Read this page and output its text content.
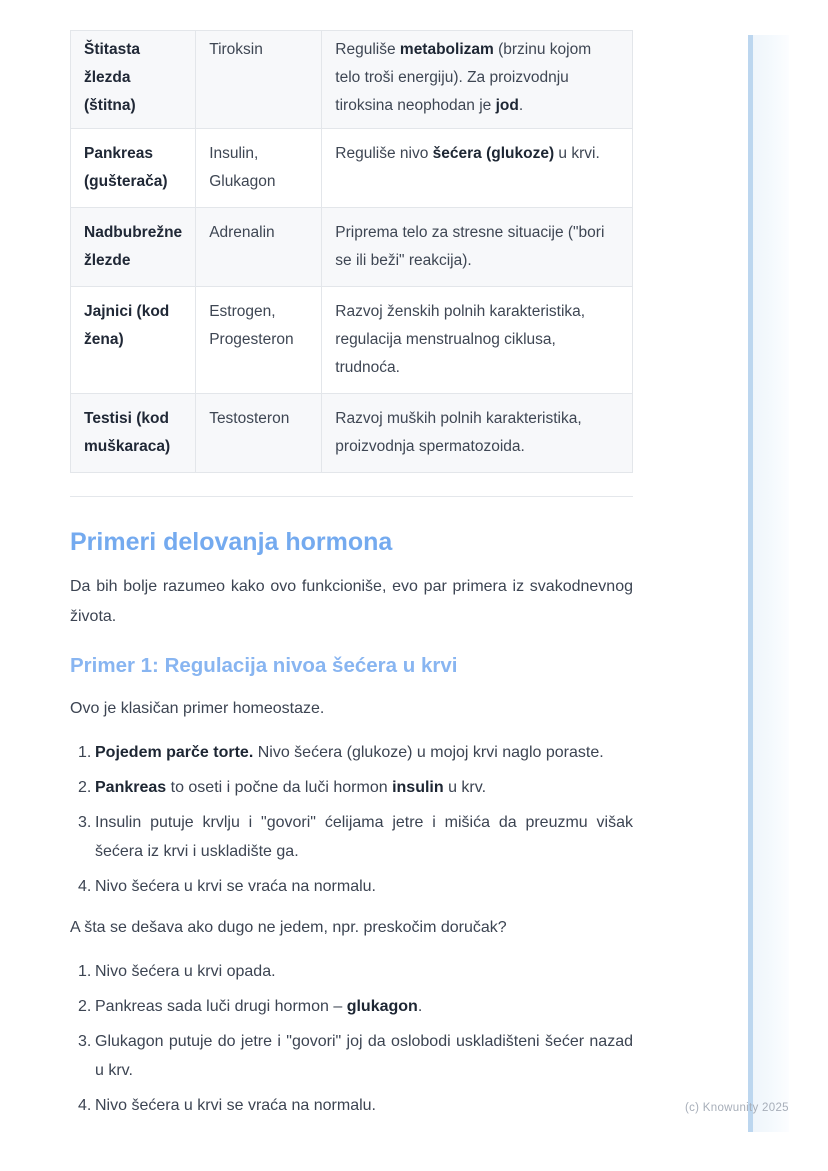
Štitasta žlezda (štitna)	Tiroksin	Reguliše metabolizam (brzinu kojom telo troši energiju). Za proizvodnju tiroksina neophodan je jod.
Pankreas (gušterača)	Insulin, Glukagon	Reguliše nivo šećera (glukoze) u krvi.
Nadbubrežne žlezde	Adrenalin	Priprema telo za stresne situacije ("bori se ili beži" reakcija).
Jajnici (kod žena)	Estrogen, Progesteron	Razvoj ženskih polnih karakteristika, regulacija menstrualnog ciklusa, trudnoća.
Testisi (kod muškaraca)	Testosteron	Razvoj muških polnih karakteristika, proizvodnja spermatozoida.
Primeri delovanja hormona

Da bih bolje razumeo kako ovo funkcioniše, evo par primera iz svakodnevnog života.

Primer 1: Regulacija nivoa šećera u krvi

Ovo je klasičan primer homeostaze.

1. Pojedem parče torte. Nivo šećera (glukoze) u mojoj krvi naglo poraste.
2. Pankreas to oseti i počne da luči hormon insulin u krv.
3. Insulin putuje krvlju i "govori" ćelijama jetre i mišića da preuzmu višak šećera iz krvi i uskladište ga.
4. Nivo šećera u krvi se vraća na normalu.

A šta se dešava ako dugo ne jedem, npr. preskočim doručak?

1. Nivo šećera u krvi opada.
2. Pankreas sada luči drugi hormon – glukagon.
3. Glukagon putuje do jetre i "govori" joj da oslobodi uskladišteni šećer nazad u krv.
4. Nivo šećera u krvi se vraća na normalu.	(c) Knowunity 2025
